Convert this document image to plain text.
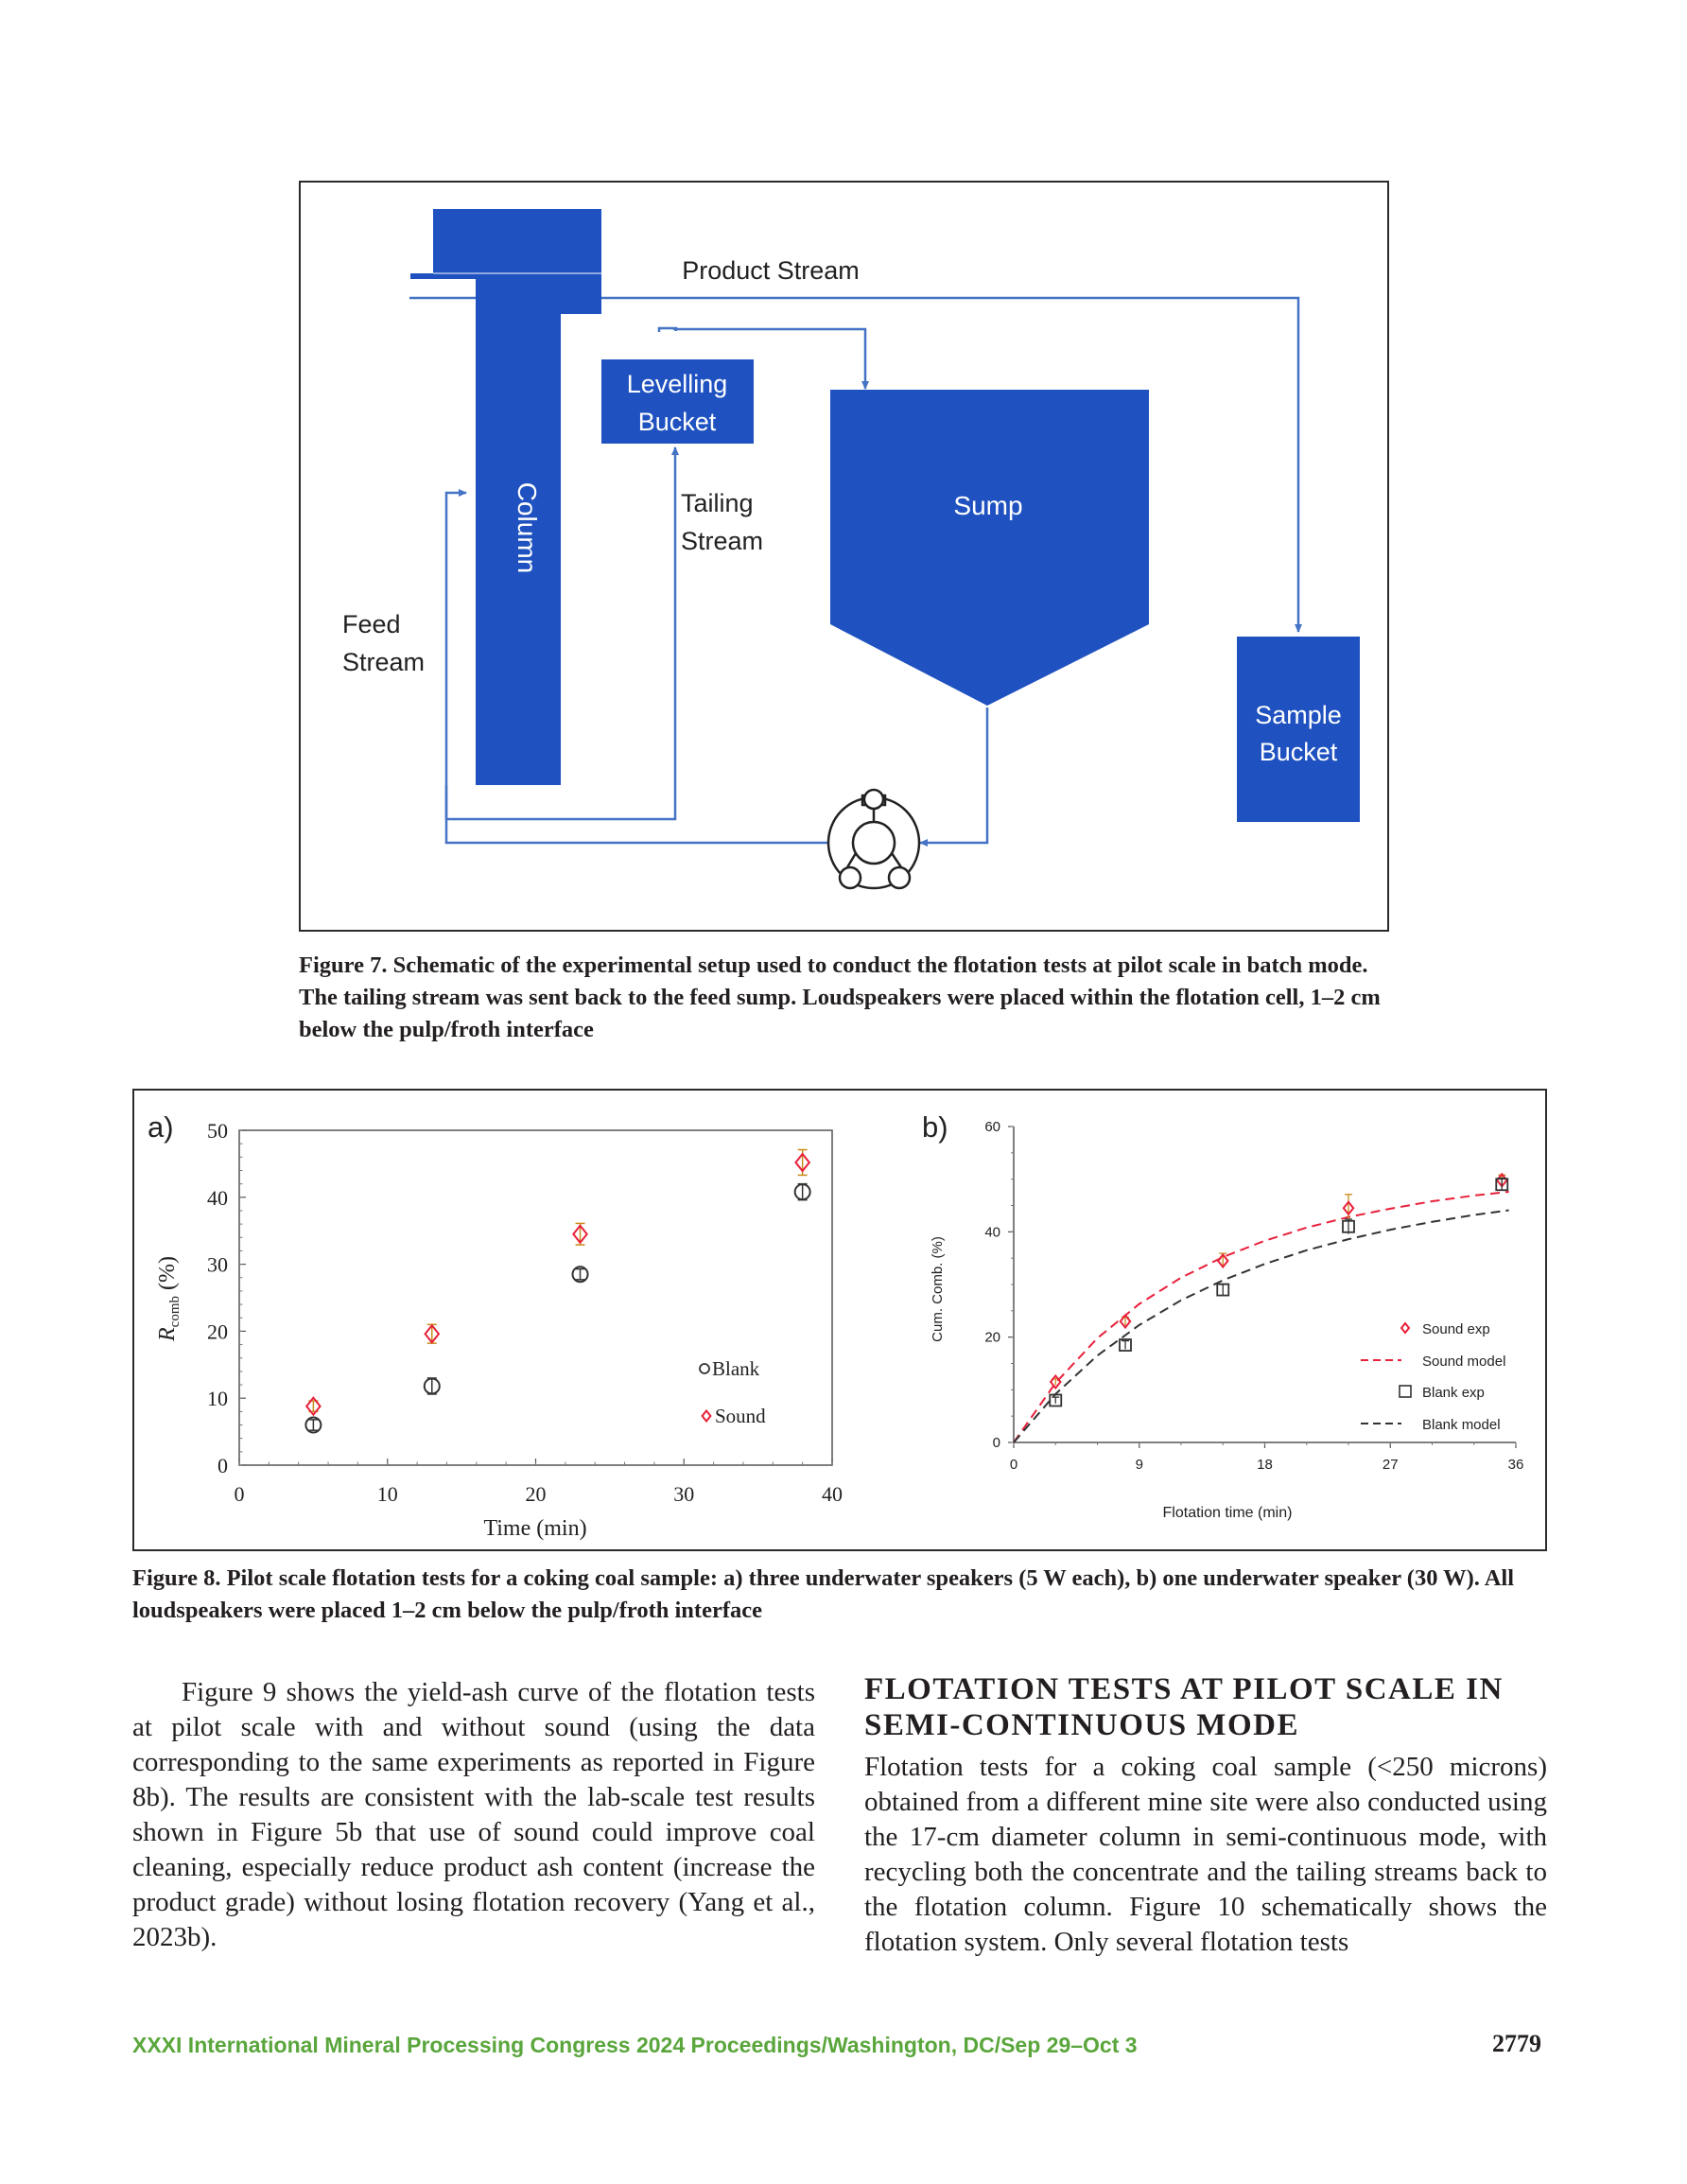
Column
Levelling
Bucket
Sump
Sample
Bucket
Product Stream
Tailing
Stream
Feed
Stream

Figure 7. Schematic of the experimental setup used to conduct the flotation tests at pilot scale in batch mode. The tailing stream was sent back to the feed sump. Loudspeakers were placed within the flotation cell, 1–2 cm below the pulp/froth interface

a)
0	10	20	30	40
0
10
20
30
40
50
$R_{comb}$ (%)
Time (min)
Blank
Sound
b)
0	9	18	27	36
0
20
40
60
Cum. Comb. (%)
Flotation time (min)
Sound exp
Sound model
Blank exp
Blank model

Figure 8. Pilot scale flotation tests for a coking coal sample: a) three underwater speakers (5 W each), b) one underwater speaker (30 W). All loudspeakers were placed 1–2 cm below the pulp/froth interface

Figure 9 shows the yield-ash curve of the flotation tests at pilot scale with and without sound (using the data corresponding to the same experiments as reported in Figure 8b). The results are consistent with the lab-scale test results shown in Figure 5b that use of sound could improve coal cleaning, especially reduce product ash content (increase the product grade) without losing flotation recovery (Yang et al., 2023b).

FLOTATION TESTS AT PILOT SCALE IN
SEMI-CONTINUOUS MODE

Flotation tests for a coking coal sample (<250 microns) obtained from a different mine site were also conducted using the 17-cm diameter column in semi-continuous mode, with recycling both the concentrate and the tailing streams back to the flotation column. Figure 10 schematically shows the flotation system. Only several flotation tests

XXXI International Mineral Processing Congress 2024 Proceedings/Washington, DC/Sep 29–Oct 3	2779
